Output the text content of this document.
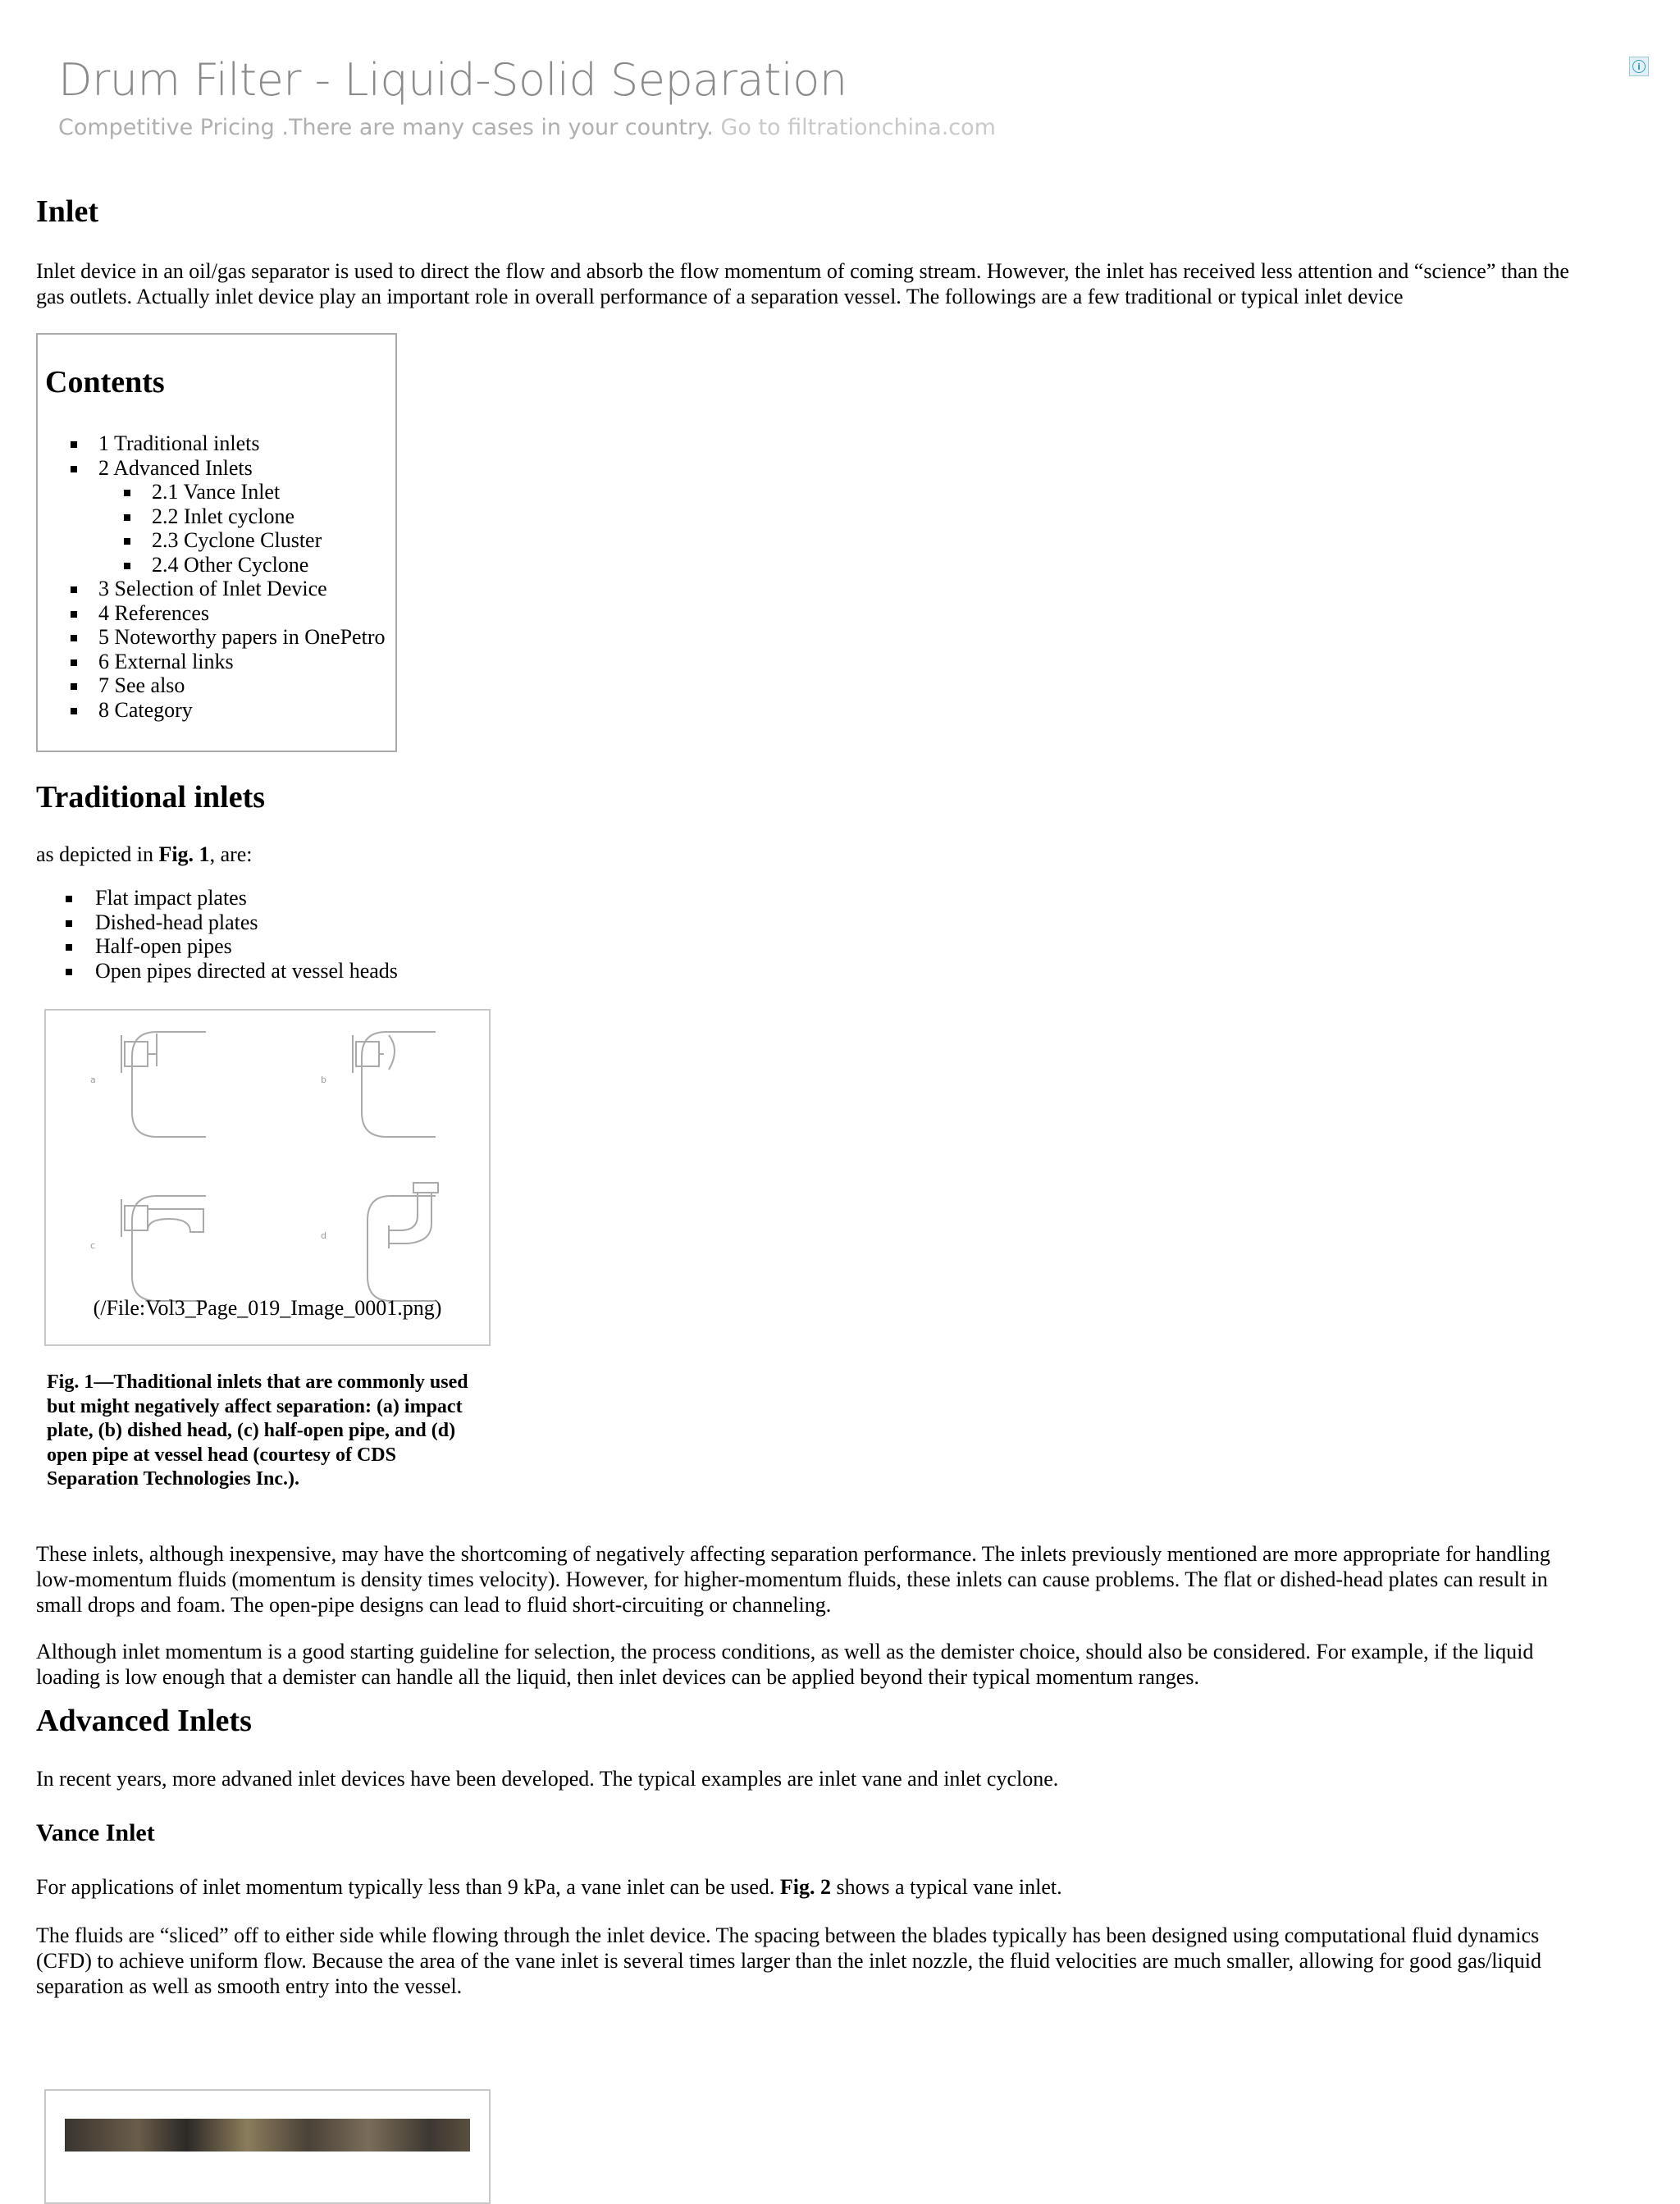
Drum Filter - Liquid-Solid Separation
Competitive Pricing .There are many cases in your country. Go to filtrationchina.com
i
Inlet

Inlet device in an oil/gas separator is used to direct the flow and absorb the flow momentum of coming stream. However, the inlet has received less attention and “science” than the gas outlets. Actually inlet device play an important role in overall performance of a separation vessel. The followings are a few traditional or typical inlet device

Contents
1 Traditional inlets
2 Advanced Inlets
2.1 Vance Inlet
2.2 Inlet cyclone
2.3 Cyclone Cluster
2.4 Other Cyclone
3 Selection of Inlet Device
4 References
5 Noteworthy papers in OnePetro
6 External links
7 See also
8 Category
Traditional inlets

as depicted in Fig. 1, are:

Flat impact plates
Dished-head plates
Half-open pipes
Open pipes directed at vessel heads
a	b
c
d
(/File:Vol3_Page_019_Image_0001.png)
Fig. 1—Thaditional inlets that are commonly used but might negatively affect separation: (a) impact plate, (b) dished head, (c) half-open pipe, and (d) open pipe at vessel head (courtesy of CDS Separation Technologies Inc.).

These inlets, although inexpensive, may have the shortcoming of negatively affecting separation performance. The inlets previously mentioned are more appropriate for handling low-momentum fluids (momentum is density times velocity). However, for higher-momentum fluids, these inlets can cause problems. The flat or dished-head plates can result in small drops and foam. The open-pipe designs can lead to fluid short-circuiting or channeling.

Although inlet momentum is a good starting guideline for selection, the process conditions, as well as the demister choice, should also be considered. For example, if the liquid loading is low enough that a demister can handle all the liquid, then inlet devices can be applied beyond their typical momentum ranges.

Advanced Inlets

In recent years, more advaned inlet devices have been developed. The typical examples are inlet vane and inlet cyclone.

Vance Inlet

For applications of inlet momentum typically less than 9 kPa, a vane inlet can be used. Fig. 2 shows a typical vane inlet.

The fluids are “sliced” off to either side while flowing through the inlet device. The spacing between the blades typically has been designed using computational fluid dynamics (CFD) to achieve uniform flow. Because the area of the vane inlet is several times larger than the inlet nozzle, the fluid velocities are much smaller, allowing for good gas/liquid separation as well as smooth entry into the vessel.
